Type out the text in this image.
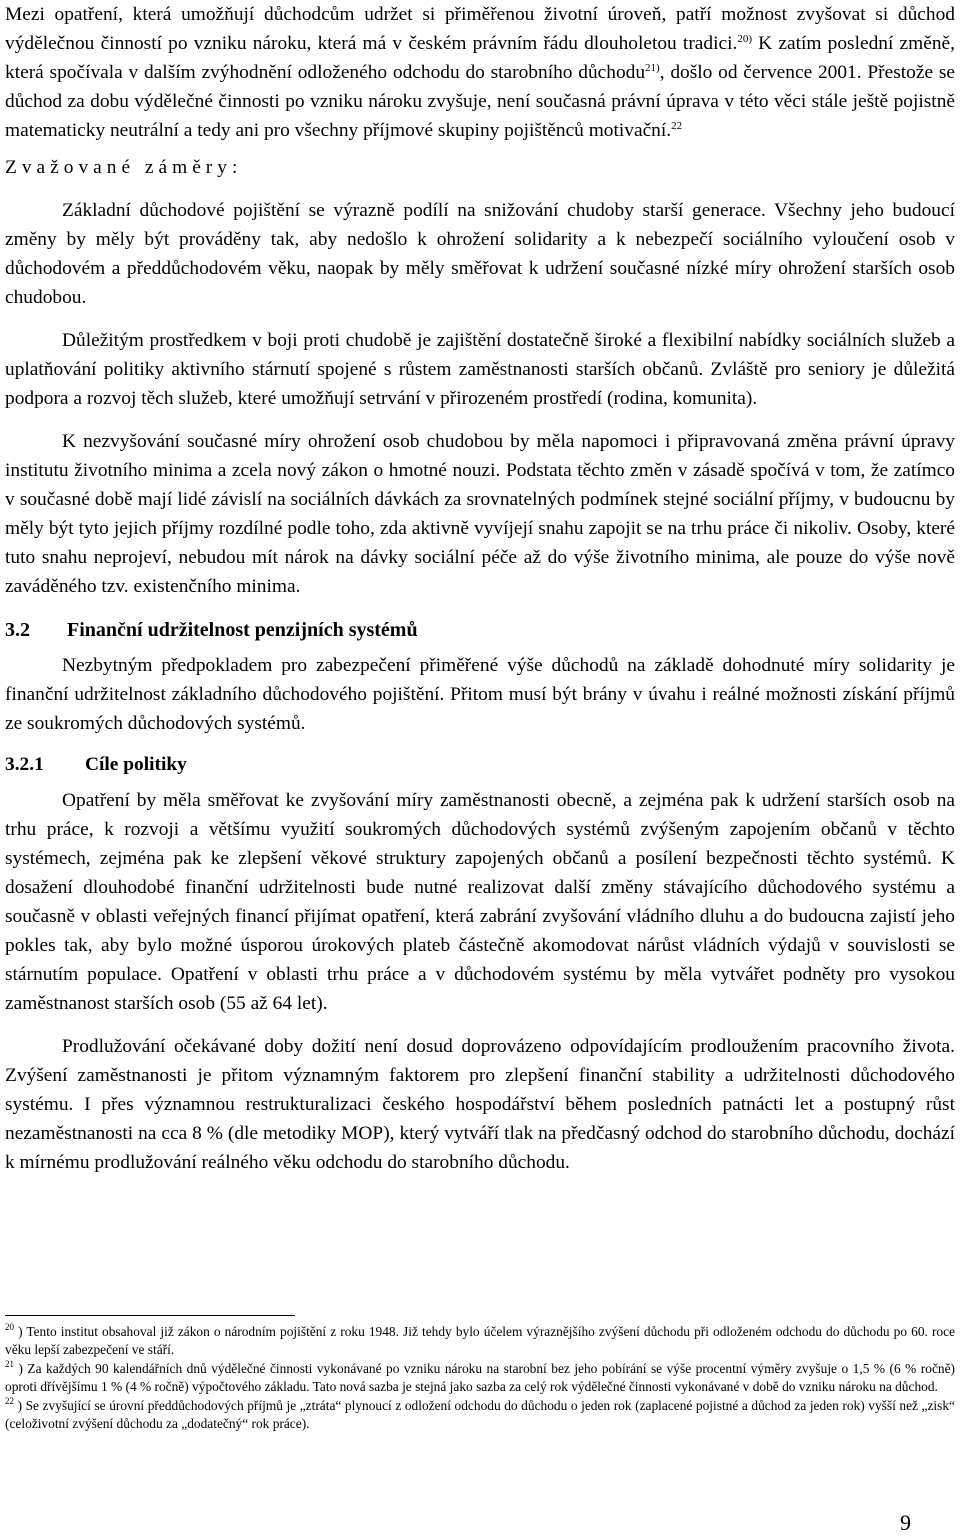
Mezi opatření, která umožňují důchodcům udržet si přiměřenou životní úroveň, patří možnost zvyšovat si důchod výdělečnou činností po vzniku nároku, která má v českém právním řádu dlouholetou tradici.$^{20)}$ K zatím poslední změně, která spočívala v dalším zvýhodnění odloženého odchodu do starobního důchodu$^{21)}$, došlo od července 2001. Přestože se důchod za dobu výdělečné činnosti po vzniku nároku zvyšuje, není současná právní úprava v této věci stále ještě pojistně matematicky neutrální a tedy ani pro všechny příjmové skupiny pojištěnců motivační.$^{22}$

Zvažované záměry:

Základní důchodové pojištění se výrazně podílí na snižování chudoby starší generace. Všechny jeho budoucí změny by měly být prováděny tak, aby nedošlo k ohrožení solidarity a k nebezpečí sociálního vyloučení osob v důchodovém a předdůchodovém věku, naopak by měly směřovat k udržení současné nízké míry ohrožení starších osob chudobou.

Důležitým prostředkem v boji proti chudobě je zajištění dostatečně široké a flexibilní nabídky sociálních služeb a uplatňování politiky aktivního stárnutí spojené s růstem zaměstnanosti starších občanů. Zvláště pro seniory je důležitá podpora a rozvoj těch služeb, které umožňují setrvání v přirozeném prostředí (rodina, komunita).

K nezvyšování současné míry ohrožení osob chudobou by měla napomoci i připravovaná změna právní úpravy institutu životního minima a zcela nový zákon o hmotné nouzi. Podstata těchto změn v zásadě spočívá v tom, že zatímco v současné době mají lidé závislí na sociálních dávkách za srovnatelných podmínek stejné sociální příjmy, v budoucnu by měly být tyto jejich příjmy rozdílné podle toho, zda aktivně vyvíjejí snahu zapojit se na trhu práce či nikoliv. Osoby, které tuto snahu neprojeví, nebudou mít nárok na dávky sociální péče až do výše životního minima, ale pouze do výše nově zaváděného tzv. existenčního minima.

3.2 Finanční udržitelnost penzijních systémů

Nezbytným předpokladem pro zabezpečení přiměřené výše důchodů na základě dohodnuté míry solidarity je finanční udržitelnost základního důchodového pojištění. Přitom musí být brány v úvahu i reálné možnosti získání příjmů ze soukromých důchodových systémů.

3.2.1 Cíle politiky

Opatření by měla směřovat ke zvyšování míry zaměstnanosti obecně, a zejména pak k udržení starších osob na trhu práce, k rozvoji a většímu využití soukromých důchodových systémů zvýšeným zapojením občanů v těchto systémech, zejména pak ke zlepšení věkové struktury zapojených občanů a posílení bezpečnosti těchto systémů. K dosažení dlouhodobé finanční udržitelnosti bude nutné realizovat další změny stávajícího důchodového systému a současně v oblasti veřejných financí přijímat opatření, která zabrání zvyšování vládního dluhu a do budoucna zajistí jeho pokles tak, aby bylo možné úsporou úrokových plateb částečně akomodovat nárůst vládních výdajů v souvislosti se stárnutím populace. Opatření v oblasti trhu práce a v důchodovém systému by měla vytvářet podněty pro vysokou zaměstnanost starších osob (55 až 64 let).

Prodlužování očekávané doby dožití není dosud doprovázeno odpovídajícím prodloužením pracovního života. Zvýšení zaměstnanosti je přitom významným faktorem pro zlepšení finanční stability a udržitelnosti důchodového systému. I přes významnou restrukturalizaci českého hospodářství během posledních patnácti let a postupný růst nezaměstnanosti na cca 8 % (dle metodiky MOP), který vytváří tlak na předčasný odchod do starobního důchodu, dochází k mírnému prodlužování reálného věku odchodu do starobního důchodu.

$^{20}$ ) Tento institut obsahoval již zákon o národním pojištění z roku 1948. Již tehdy bylo účelem výraznějšího zvýšení důchodu při odloženém odchodu do důchodu po 60. roce věku lepší zabezpečení ve stáří.

$^{21}$ ) Za každých 90 kalendářních dnů výdělečné činnosti vykonávané po vzniku nároku na starobní bez jeho pobírání se výše procentní výměry zvyšuje o 1,5 % (6 % ročně) oproti dřívějšímu 1 % (4 % ročně) výpočtového základu. Tato nová sazba je stejná jako sazba za celý rok výdělečné činnosti vykonávané v době do vzniku nároku na důchod.

$^{22}$ ) Se zvyšující se úrovní předdůchodových příjmů je „ztráta“ plynoucí z odložení odchodu do důchodu o jeden rok (zaplacené pojistné a důchod za jeden rok) vyšší než „zisk“ (celoživotní zvýšení důchodu za „dodatečný“ rok práce).

9
